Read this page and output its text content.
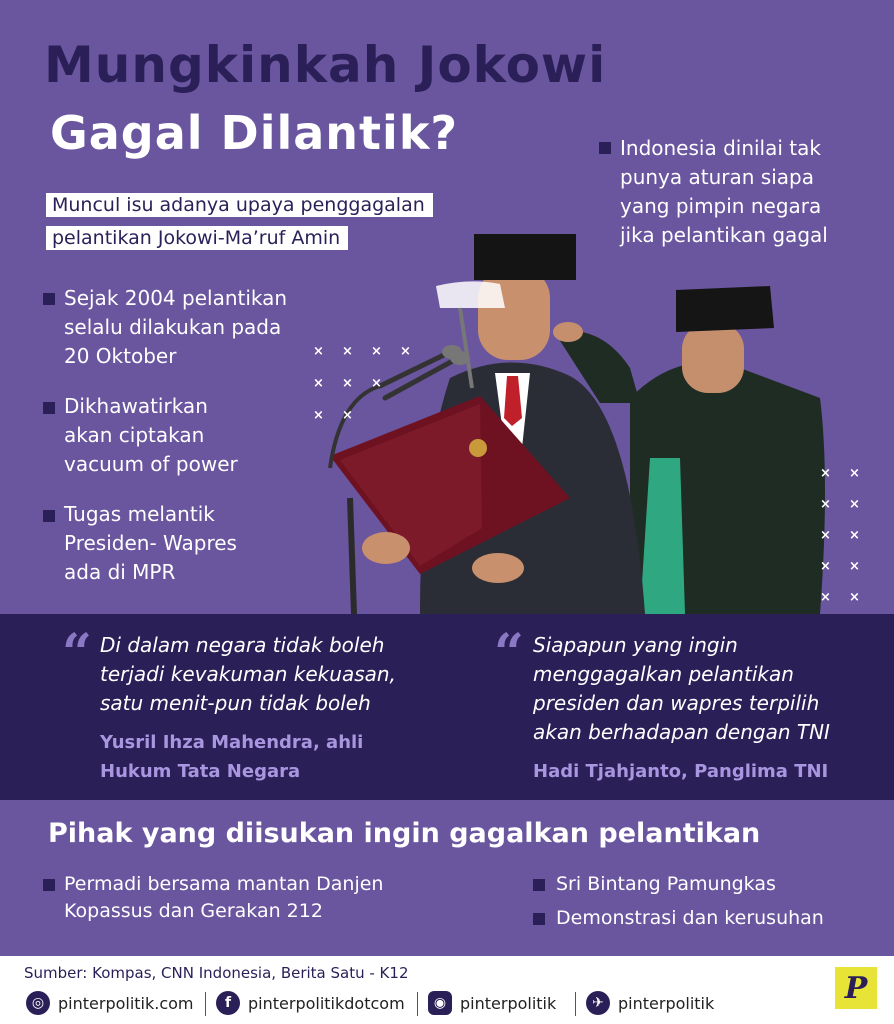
Mungkinkah Jokowi
Gagal Dilantik?
Muncul isu adanya upaya penggagalan
pelantikan Jokowi-Ma’ruf Amin
Indonesia dinilai tak
punya aturan siapa
yang pimpin negara
jika pelantikan gagal
×    ×    ×    ×
×    ×    ×
×    ×
×    ×
×    ×
×    ×
×    ×
×    ×
Sejak 2004 pelantikan
selalu dilakukan pada
20 Oktober
Dikhawatirkan
akan ciptakan
vacuum of power
Tugas melantik
Presiden- Wapres
ada di MPR
“ Di dalam negara tidak boleh
terjadi kevakuman kekuasan,
satu menit-pun tidak boleh
Yusril Ihza Mahendra, ahli
Hukum Tata Negara
“ Siapapun yang ingin
menggagalkan pelantikan
presiden dan wapres terpilih
akan berhadapan dengan TNI
Hadi Tjahjanto, Panglima TNI
Pihak yang diisukan ingin gagalkan pelantikan
Permadi bersama mantan Danjen
Kopassus dan Gerakan 212
Sri Bintang Pamungkas
Demonstrasi dan kerusuhan
Sumber: Kompas, CNN Indonesia, Berita Satu - K12
◎ pinterpolitik.com	f	pinterpolitikdotcom	◉ pinterpolitik	✈ pinterpolitik	P
